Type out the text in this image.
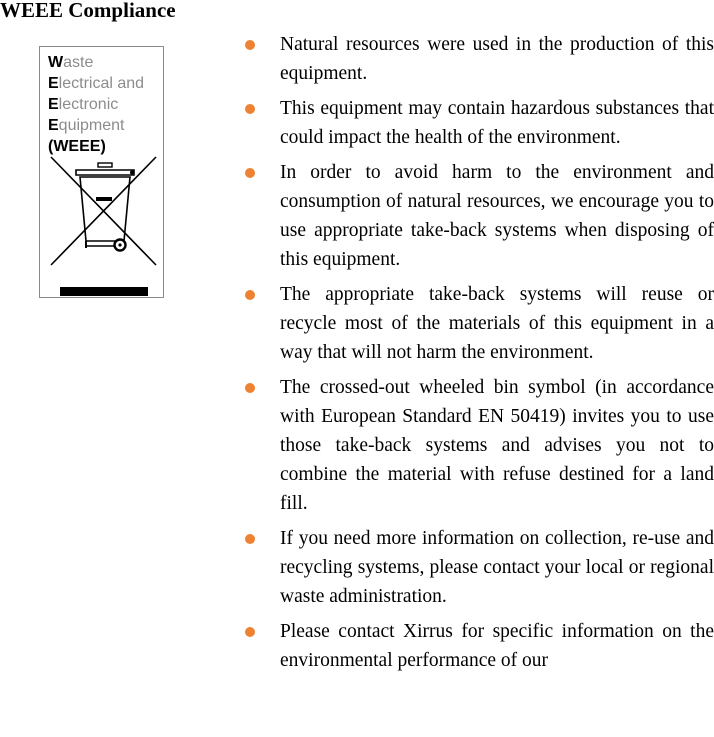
WEEE Compliance
Waste
Electrical and
Electronic
Equipment
(WEEE)

Natural resources were used in the production of this equipment.

This equipment may contain hazardous substances that could impact the health of the environment.

In order to avoid harm to the environment and consumption of natural resources, we encourage you to use appropriate take-back systems when disposing of this equipment.

The appropriate take-back systems will reuse or recycle most of the materials of this equipment in a way that will not harm the environment.

The crossed-out wheeled bin symbol (in accordance with European Standard EN 50419) invites you to use those take-back systems and advises you not to combine the material with refuse destined for a land fill.

If you need more information on collection, re-use and recycling systems, please contact your local or regional waste administration.

Please contact Xirrus for specific information on the environmental performance of our
